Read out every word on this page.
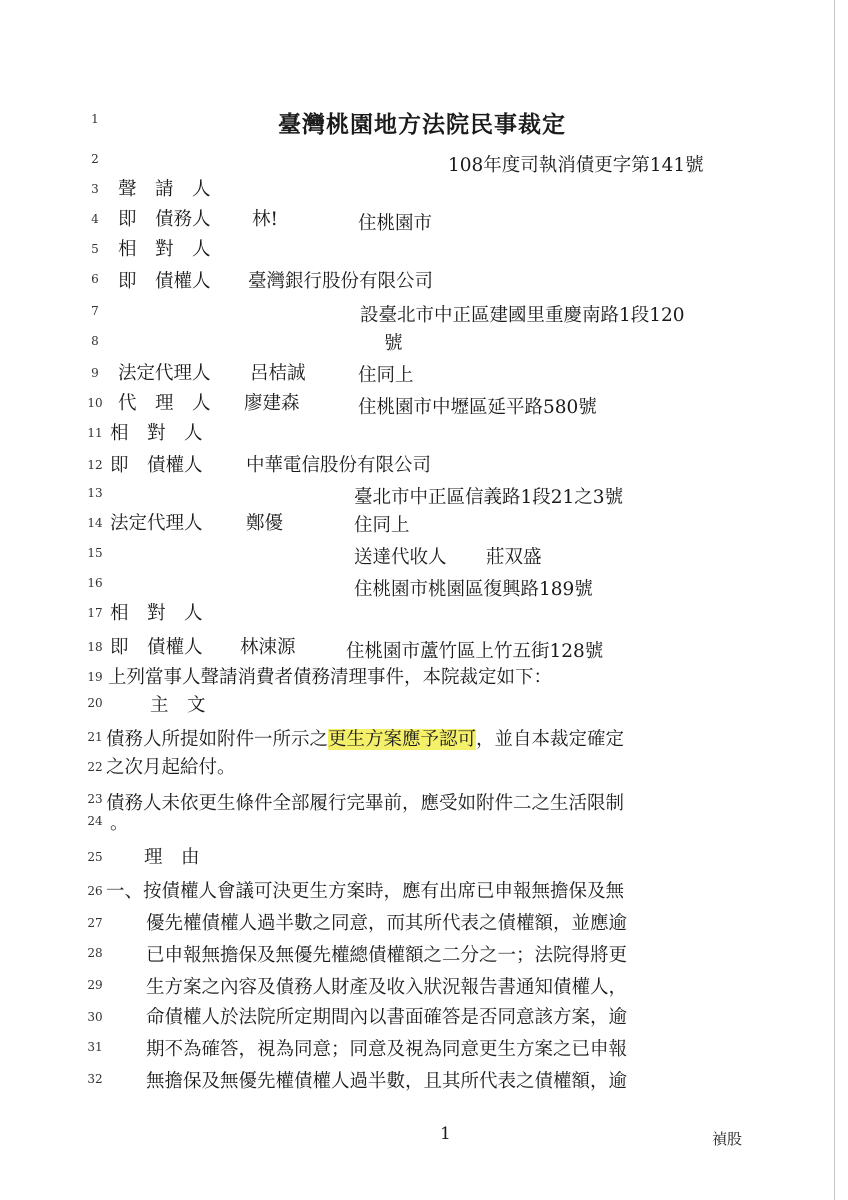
1
2
3
4
5
6
7
8
9
10
11
12
13
14
15
16
17
18
19
20
21
22
23
24
25
26
27
28
29
30
31
32
臺灣桃園地方法院民事裁定
108年度司執消債更字第141號
聲　請　人
即　債務人 林!	住桃園市
相　對　人
即　債權人 臺灣銀行股份有限公司
設臺北市中正區建國里重慶南路1段120
號
法定代理人 呂桔誠	住同上
代　理　人 廖建森	住桃園市中壢區延平路580號
相　對　人
即　債權人 中華電信股份有限公司
臺北市中正區信義路1段21之3號
法定代理人 鄭優	住同上
送達代收人 莊双盛
住桃園市桃園區復興路189號
相　對　人
即　債權人 林涑源	住桃園市蘆竹區上竹五街128號
上列當事人聲請消費者債務清理事件，本院裁定如下：
主　文
債務人所提如附件一所示之更生方案應予認可，並自本裁定確定
之次月起給付。
債務人未依更生條件全部履行完畢前，應受如附件二之生活限制
。
理　由
一、按債權人會議可決更生方案時，應有出席已申報無擔保及無
優先權債權人過半數之同意，而其所代表之債權額，並應逾
已申報無擔保及無優先權總債權額之二分之一；法院得將更
生方案之內容及債務人財產及收入狀況報告書通知債權人，
命債權人於法院所定期間內以書面確答是否同意該方案，逾
期不為確答，視為同意；同意及視為同意更生方案之已申報
無擔保及無優先權債權人過半數，且其所代表之債權額，逾
1	禎股
